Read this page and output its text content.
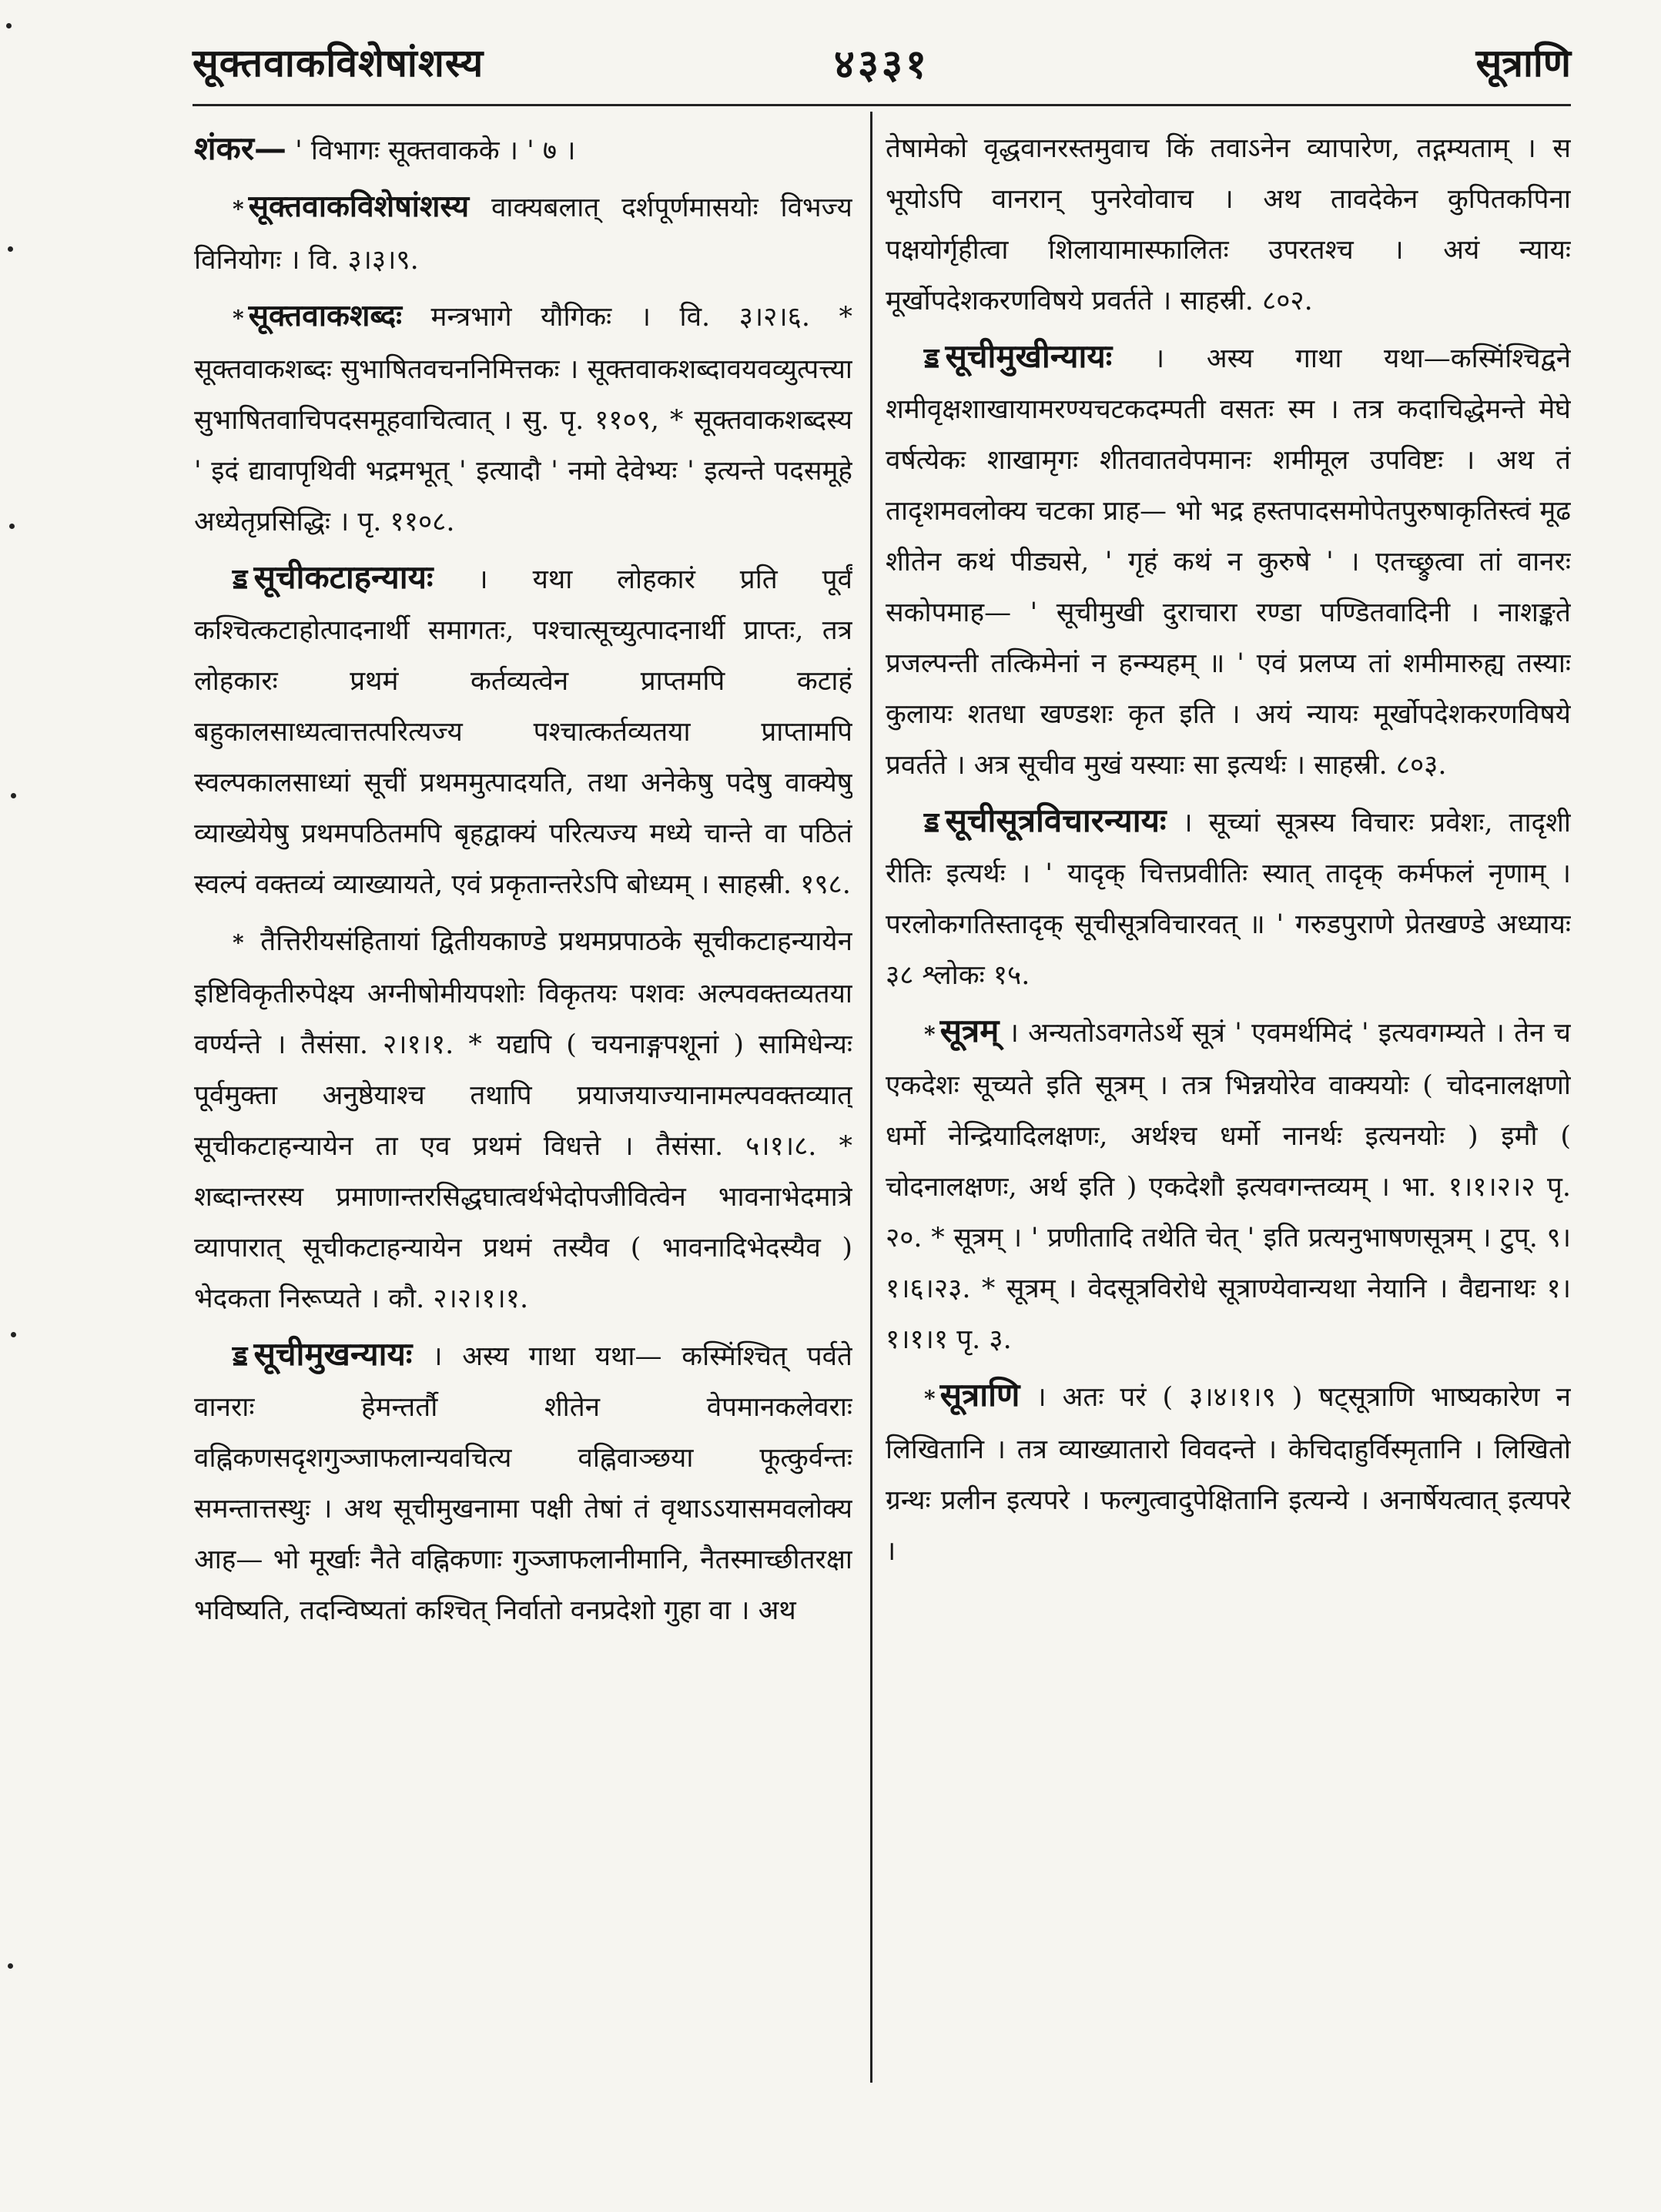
सूक्तवाकविशेषांशस्य	४३३१	सूत्राणि

शंकर— ' विभागः सूक्तवाकके । ' ७ ।

* सूक्तवाकविशेषांशस्य वाक्यबलात् दर्शपूर्णमासयोः विभज्य विनियोगः । वि. ३।३।९.

* सूक्तवाकशब्दः मन्त्रभागे यौगिकः । वि. ३।२।६. * सूक्तवाकशब्दः सुभाषितवचननिमित्तकः । सूक्तवाकशब्दावयवव्युत्पत्त्या सुभाषितवाचिपदसमूहवाचित्वात् । सु. पृ. ११०९, * सूक्तवाकशब्दस्य ' इदं द्यावापृथिवी भद्रमभूत् ' इत्यादौ ' नमो देवेभ्यः ' इत्यन्ते पदसमूहे अध्येतृप्रसिद्धिः । पृ. ११०८.

ॾ सूचीकटाहन्यायः । यथा लोहकारं प्रति पूर्वं कश्चित्कटाहोत्पादनार्थी समागतः, पश्चात्सूच्युत्पादनार्थी प्राप्तः, तत्र लोहकारः प्रथमं कर्तव्यत्वेन प्राप्तमपि कटाहं बहुकालसाध्यत्वात्तत्परित्यज्य पश्चात्कर्तव्यतया प्राप्तामपि स्वल्पकालसाध्यां सूचीं प्रथममुत्पादयति, तथा अनेकेषु पदेषु वाक्येषु व्याख्येयेषु प्रथमपठितमपि बृहद्वाक्यं परित्यज्य मध्ये चान्ते वा पठितं स्वल्पं वक्तव्यं व्याख्यायते, एवं प्रकृतान्तरेऽपि बोध्यम् । साहस्री. १९८.

* तैत्तिरीयसंहितायां द्वितीयकाण्डे प्रथमप्रपाठके सूचीकटाहन्यायेन इष्टिविकृतीरुपेक्ष्य अग्नीषोमीयपशोः विकृतयः पशवः अल्पवक्तव्यतया वर्ण्यन्ते । तैसंसा. २।१।१. * यद्यपि ( चयनाङ्गपशूनां ) सामिधेन्यः पूर्वमुक्ता अनुष्ठेयाश्च तथापि प्रयाजयाज्यानामल्पवक्तव्यात् सूचीकटाहन्यायेन ता एव प्रथमं विधत्ते । तैसंसा. ५।१।८. * शब्दान्तरस्य प्रमाणान्तरसिद्धघात्वर्थभेदोपजीवित्वेन भावनाभेदमात्रे व्यापारात् सूचीकटाहन्यायेन प्रथमं तस्यैव ( भावनादिभेदस्यैव ) भेदकता निरूप्यते । कौ. २।२।१।१.

ॾ सूचीमुखन्यायः । अस्य गाथा यथा— कस्मिंश्चित् पर्वते वानराः हेमन्तर्तौ शीतेन वेपमानकलेवराः वह्निकणसदृशगुञ्जाफलान्यवचित्य वह्निवाञ्छया फूत्कुर्वन्तः समन्तात्तस्थुः । अथ सूचीमुखनामा पक्षी तेषां तं वृथाऽऽयासमवलोक्य आह— भो मूर्खाः नैते वह्निकणाः गुञ्जाफलानीमानि, नैतस्माच्छीतरक्षा भविष्यति, तदन्विष्यतां कश्चित् निर्वातो वनप्रदेशो गुहा वा । अथ

तेषामेको वृद्धवानरस्तमुवाच किं तवाऽनेन व्यापारेण, तद्गम्यताम् । स भूयोऽपि वानरान् पुनरेवोवाच । अथ तावदेकेन कुपितकपिना पक्षयोर्गृहीत्वा शिलायामास्फालितः उपरतश्च । अयं न्यायः मूर्खोपदेशकरणविषये प्रवर्तते । साहस्री. ८०२.

ॾ सूचीमुखीन्यायः । अस्य गाथा यथा—कस्मिंश्चिद्वने शमीवृक्षशाखायामरण्यचटकदम्पती वसतः स्म । तत्र कदाचिद्धेमन्ते मेघे वर्षत्येकः शाखामृगः शीतवातवेपमानः शमीमूल उपविष्टः । अथ तं तादृशमवलोक्य चटका प्राह— भो भद्र हस्तपादसमोपेतपुरुषाकृतिस्त्वं मूढ शीतेन कथं पीड्यसे, ' गृहं कथं न कुरुषे ' । एतच्छ्रुत्वा तां वानरः सकोपमाह— ' सूचीमुखी दुराचारा रण्डा पण्डितवादिनी । नाशङ्कते प्रजल्पन्ती तत्किमेनां न हन्म्यहम् ॥ ' एवं प्रलप्य तां शमीमारुह्य तस्याः कुलायः शतधा खण्डशः कृत इति । अयं न्यायः मूर्खोपदेशकरणविषये प्रवर्तते । अत्र सूचीव मुखं यस्याः सा इत्यर्थः । साहस्री. ८०३.

ॾ सूचीसूत्रविचारन्यायः । सूच्यां सूत्रस्य विचारः प्रवेशः, तादृशी रीतिः इत्यर्थः । ' यादृक् चित्तप्रवीतिः स्यात् तादृक् कर्मफलं नृणाम् । परलोकगतिस्तादृक् सूचीसूत्रविचारवत् ॥ ' गरुडपुराणे प्रेतखण्डे अध्यायः ३८ श्लोकः १५.

* सूत्रम् । अन्यतोऽवगतेऽर्थे सूत्रं ' एवमर्थमिदं ' इत्यवगम्यते । तेन च एकदेशः सूच्यते इति सूत्रम् । तत्र भिन्नयोरेव वाक्ययोः ( चोदनालक्षणो धर्मो नेन्द्रियादिलक्षणः, अर्थश्च धर्मो नानर्थः इत्यनयोः ) इमौ ( चोदनालक्षणः, अर्थ इति ) एकदेशौ इत्यवगन्तव्यम् । भा. १।१।२।२ पृ. २०. * सूत्रम् । ' प्रणीतादि तथेति चेत् ' इति प्रत्यनुभाषणसूत्रम् । टुप्. ९।१।६।२३. * सूत्रम् । वेदसूत्रविरोधे सूत्राण्येवान्यथा नेयानि । वैद्यनाथः १।१।१।१ पृ. ३.

* सूत्राणि । अतः परं ( ३।४।१।९ ) षट्सूत्राणि भाष्यकारेण न लिखितानि । तत्र व्याख्यातारो विवदन्ते । केचिदाहुर्विस्मृतानि । लिखितो ग्रन्थः प्रलीन इत्यपरे । फल्गुत्वादुपेक्षितानि इत्यन्ये । अनार्षेयत्वात् इत्यपरे ।
